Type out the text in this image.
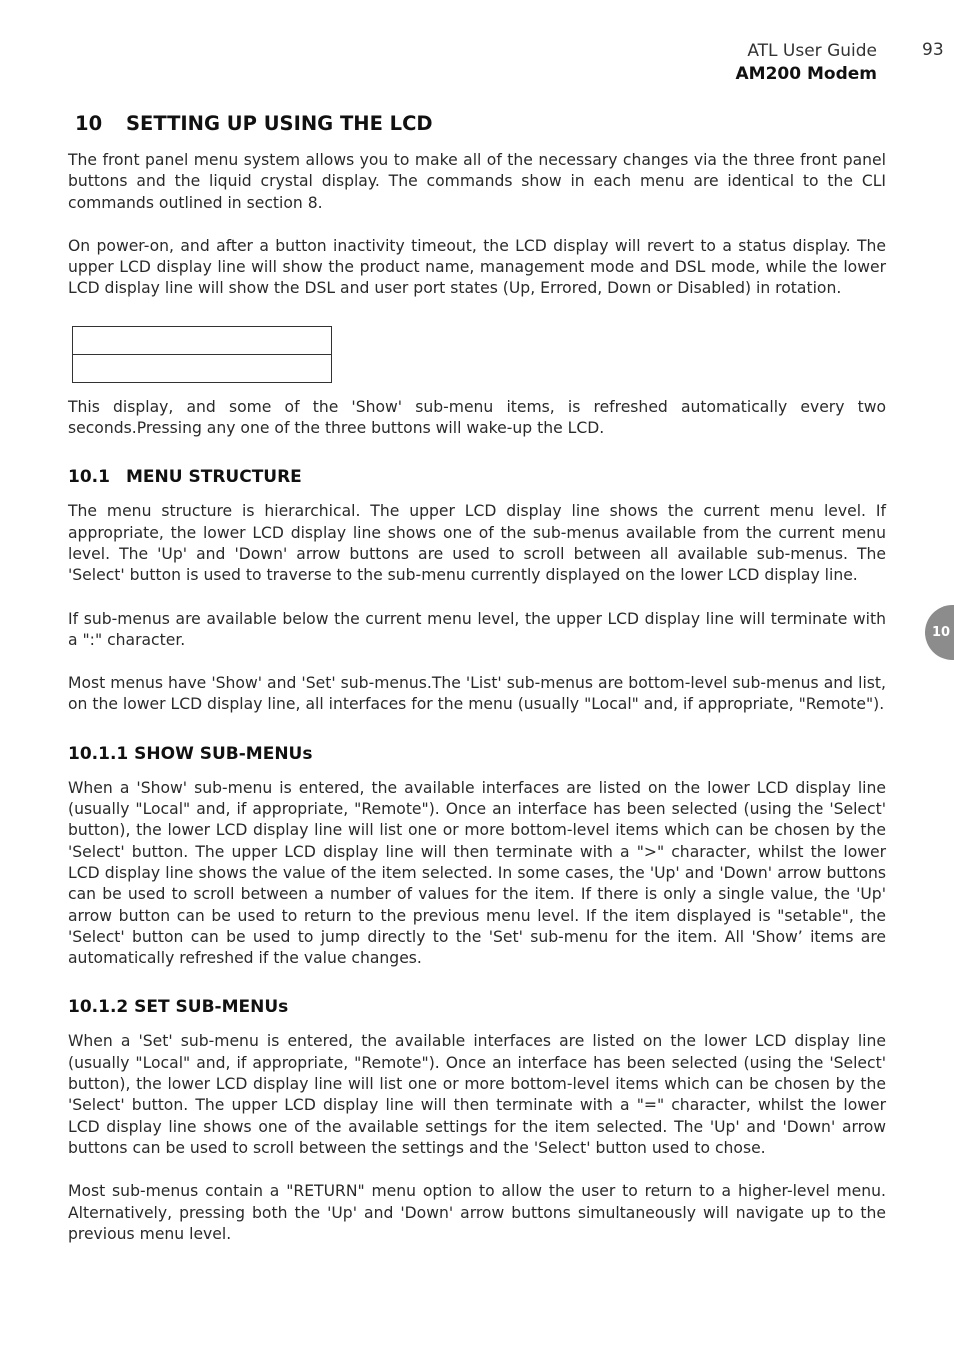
ATL User Guide
AM200 Modem
93
10
10 SETTING UP USING THE LCD

The front panel menu system allows you to make all of the necessary changes via the three front panel buttons and the liquid crystal display. The commands show in each menu are identical to the CLI commands outlined in section 8.

On power-on, and after a button inactivity timeout, the LCD display will revert to a status display. The upper LCD display line will show the product name, management mode and DSL mode, while the lower LCD display line will show the DSL and user port states (Up, Errored, Down or Disabled) in rotation.

This display, and some of the 'Show' sub-menu items, is refreshed automatically every two seconds.Pressing any one of the three buttons will wake-up the LCD.

10.1 MENU STRUCTURE

The menu structure is hierarchical. The upper LCD display line shows the current menu level. If appropriate, the lower LCD display line shows one of the sub-menus available from the current menu level. The 'Up' and 'Down' arrow buttons are used to scroll between all available sub-menus. The 'Select' button is used to traverse to the sub-menu currently displayed on the lower LCD display line.

If sub-menus are available below the current menu level, the upper LCD display line will terminate with a ":" character.

Most menus have 'Show' and 'Set' sub-menus.The 'List' sub-menus are bottom-level sub-menus and list, on the lower LCD display line, all interfaces for the menu (usually "Local" and, if appropriate, "Remote").

10.1.1 SHOW SUB-MENUs

When a 'Show' sub-menu is entered, the available interfaces are listed on the lower LCD display line (usually "Local" and, if appropriate, "Remote"). Once an interface has been selected (using the 'Select' button), the lower LCD display line will list one or more bottom-level items which can be chosen by the 'Select' button. The upper LCD display line will then terminate with a ">" character, whilst the lower LCD display line shows the value of the item selected. In some cases, the 'Up' and 'Down' arrow buttons can be used to scroll between a number of values for the item. If there is only a single value, the 'Up' arrow button can be used to return to the previous menu level. If the item displayed is "setable", the 'Select' button can be used to jump directly to the 'Set' sub-menu for the item. All 'Show’ items are automatically refreshed if the value changes.

10.1.2 SET SUB-MENUs

When a 'Set' sub-menu is entered, the available interfaces are listed on the lower LCD display line (usually "Local" and, if appropriate, "Remote"). Once an interface has been selected (using the 'Select' button), the lower LCD display line will list one or more bottom-level items which can be chosen by the 'Select' button. The upper LCD display line will then terminate with a "=" character, whilst the lower LCD display line shows one of the available settings for the item selected. The 'Up' and 'Down' arrow buttons can be used to scroll between the settings and the 'Select' button used to chose.

Most sub-menus contain a "RETURN" menu option to allow the user to return to a higher-level menu. Alternatively, pressing both the 'Up' and 'Down' arrow buttons simultaneously will navigate up to the previous menu level.
